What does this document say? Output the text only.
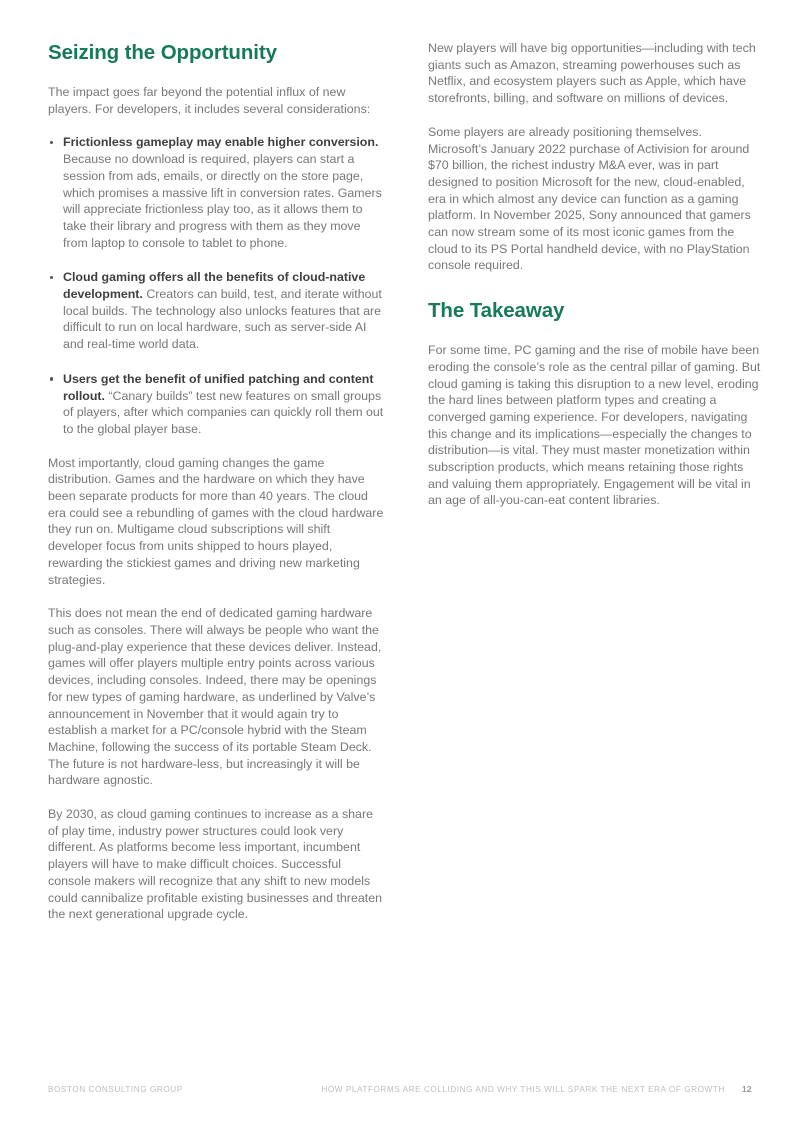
Seizing the Opportunity

The impact goes far beyond the potential influx of new players. For developers, it includes several considerations:

Frictionless gameplay may enable higher conversion. Because no download is required, players can start a session from ads, emails, or directly on the store page, which promises a massive lift in conversion rates. Gamers will appreciate frictionless play too, as it allows them to take their library and progress with them as they move from laptop to console to tablet to phone.
Cloud gaming offers all the benefits of cloud-native development. Creators can build, test, and iterate without local builds. The technology also unlocks features that are difficult to run on local hardware, such as server-side AI and real-time world data.
Users get the benefit of unified patching and content rollout. “Canary builds” test new features on small groups of players, after which companies can quickly roll them out to the global player base.

Most importantly, cloud gaming changes the game distribution. Games and the hardware on which they have been separate products for more than 40 years. The cloud era could see a rebundling of games with the cloud hardware they run on. Multigame cloud subscriptions will shift developer focus from units shipped to hours played, rewarding the stickiest games and driving new marketing strategies.

This does not mean the end of dedicated gaming hardware such as consoles. There will always be people who want the plug-and-play experience that these devices deliver. Instead, games will offer players multiple entry points across various devices, including consoles. Indeed, there may be openings for new types of gaming hardware, as underlined by Valve’s announcement in November that it would again try to establish a market for a PC/console hybrid with the Steam Machine, following the success of its portable Steam Deck. The future is not hardware-less, but increasingly it will be hardware agnostic.

By 2030, as cloud gaming continues to increase as a share of play time, industry power structures could look very different. As platforms become less important, incumbent players will have to make difficult choices. Successful console makers will recognize that any shift to new models could cannibalize profitable existing businesses and threaten the next generational upgrade cycle.

New players will have big opportunities—including with tech giants such as Amazon, streaming powerhouses such as Netflix, and ecosystem players such as Apple, which have storefronts, billing, and software on millions of devices.

Some players are already positioning themselves. Microsoft’s January 2022 purchase of Activision for around $70 billion, the richest industry M&A ever, was in part designed to position Microsoft for the new, cloud-enabled, era in which almost any device can function as a gaming platform. In November 2025, Sony announced that gamers can now stream some of its most iconic games from the cloud to its PS Portal handheld device, with no PlayStation console required.

The Takeaway

For some time, PC gaming and the rise of mobile have been eroding the console’s role as the central pillar of gaming. But cloud gaming is taking this disruption to a new level, eroding the hard lines between platform types and creating a converged gaming experience. For developers, navigating this change and its implications—especially the changes to distribution—is vital. They must master monetization within subscription products, which means retaining those rights and valuing them appropriately. Engagement will be vital in an age of all-you-can-eat content libraries.

BOSTON CONSULTING GROUP	HOW PLATFORMS ARE COLLIDING AND WHY THIS WILL SPARK THE NEXT ERA OF GROWTH 12
